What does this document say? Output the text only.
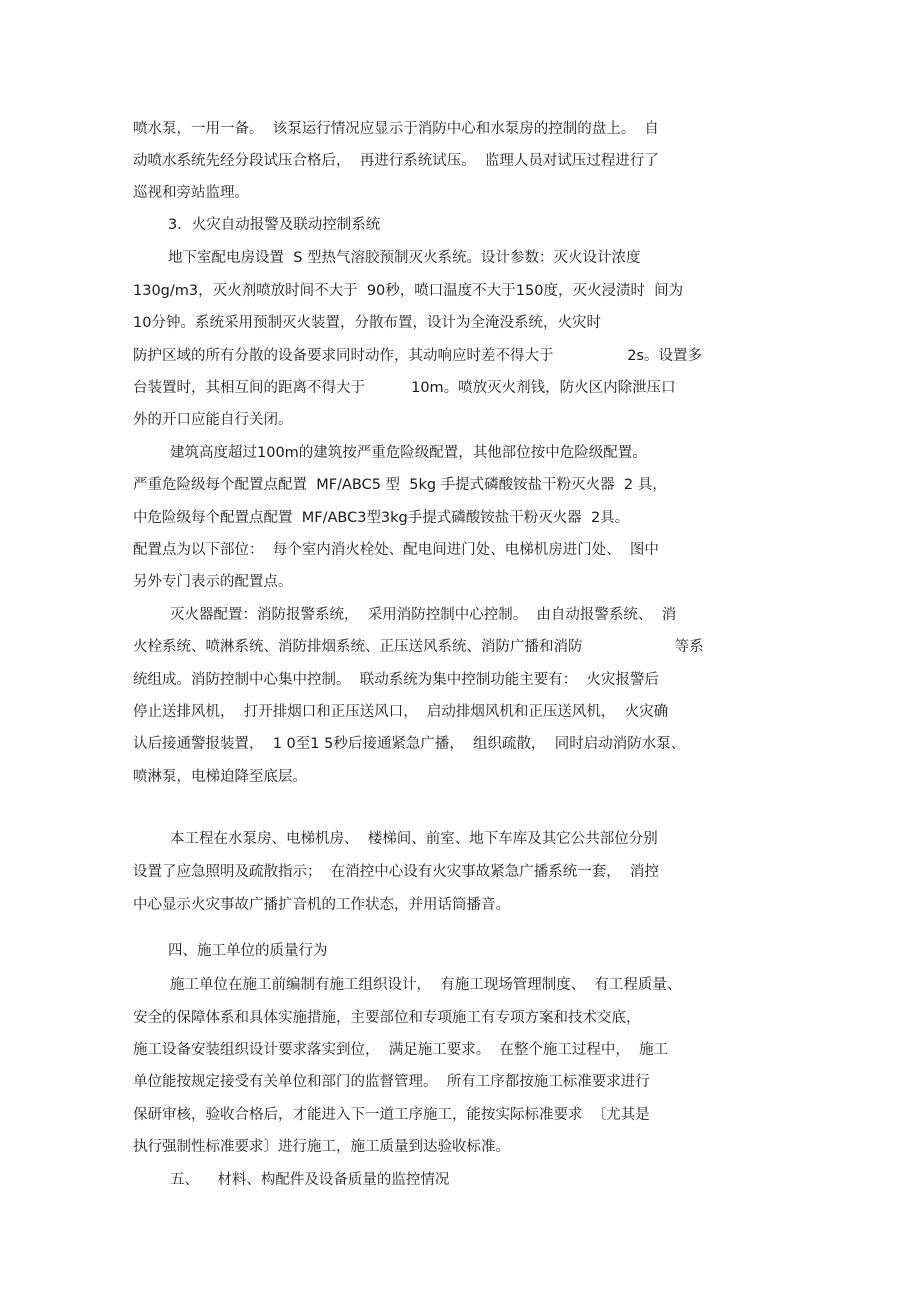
喷水泵，一用一备。  该泵运行情况应显示于消防中心和水泵房的控制的盘上。  自
动喷水系统先经分段试压合格后，  再进行系统试压。  监理人员对试压过程进行了
巡视和旁站监理。
3．火灾自动报警及联动控制系统
地下室配电房设置  S 型热气溶胶预制灭火系统。设计参数：灭火设计浓度
130g/m3，灭火剂喷放时间不大于  90秒，喷口温度不大于150度，灭火浸渍时  间为
10分钟。系统采用预制灭火装置，分散布置，设计为全淹没系统，火灾时
防护区域的所有分散的设备要求同时动作，其动响应时差不得大于                2s。设置多
台装置时，其相互间的距离不得大于          10m。喷放灭火剂钱，防火区内除泄压口
外的开口应能自行关闭。
建筑高度超过100m的建筑按严重危险级配置，其他部位按中危险级配置。
严重危险级每个配置点配置  MF/ABC5 型  5kg 手提式磷酸铵盐干粉灭火器  2 具，
中危险级每个配置点配置  MF/ABC3型3kg手提式磷酸铵盐干粉灭火器  2具。
配置点为以下部位：  每个室内消火栓处、配电间进门处、电梯机房进门处、  图中
另外专门表示的配置点。
灭火器配置：消防报警系统，  采用消防控制中心控制。  由自动报警系统、  消
火栓系统、喷淋系统、消防排烟系统、正压送风系统、消防广播和消防                    等系
统组成。消防控制中心集中控制。  联动系统为集中控制功能主要有：  火灾报警后
停止送排风机，  打开排烟口和正压送风口，  启动排烟风机和正压送风机，  火灾确
认后接通警报装置，  1 0至1 5秒后接通紧急广播，  组织疏散，  同时启动消防水泵、
喷淋泵，电梯迫降至底层。
本工程在水泵房、电梯机房、  楼梯间、前室、地下车库及其它公共部位分别
设置了应急照明及疏散指示；  在消控中心设有火灾事故紧急广播系统一套，  消控
中心显示火灾事故广播扩音机的工作状态，并用话筒播音。
四、施工单位的质量行为
施工单位在施工前编制有施工组织设计，  有施工现场管理制度、  有工程质量、
安全的保障体系和具体实施措施，主要部位和专项施工有专项方案和技术交底，
施工设备安装组织设计要求落实到位，  满足施工要求。  在整个施工过程中，  施工
单位能按规定接受有关单位和部门的监督管理。  所有工序都按施工标准要求进行
保研审核，验收合格后，才能进入下一道工序施工，能按实际标准要求  〔尤其是
执行强制性标准要求〕进行施工，施工质量到达验收标准。
五、    材料、构配件及设备质量的监控情况
